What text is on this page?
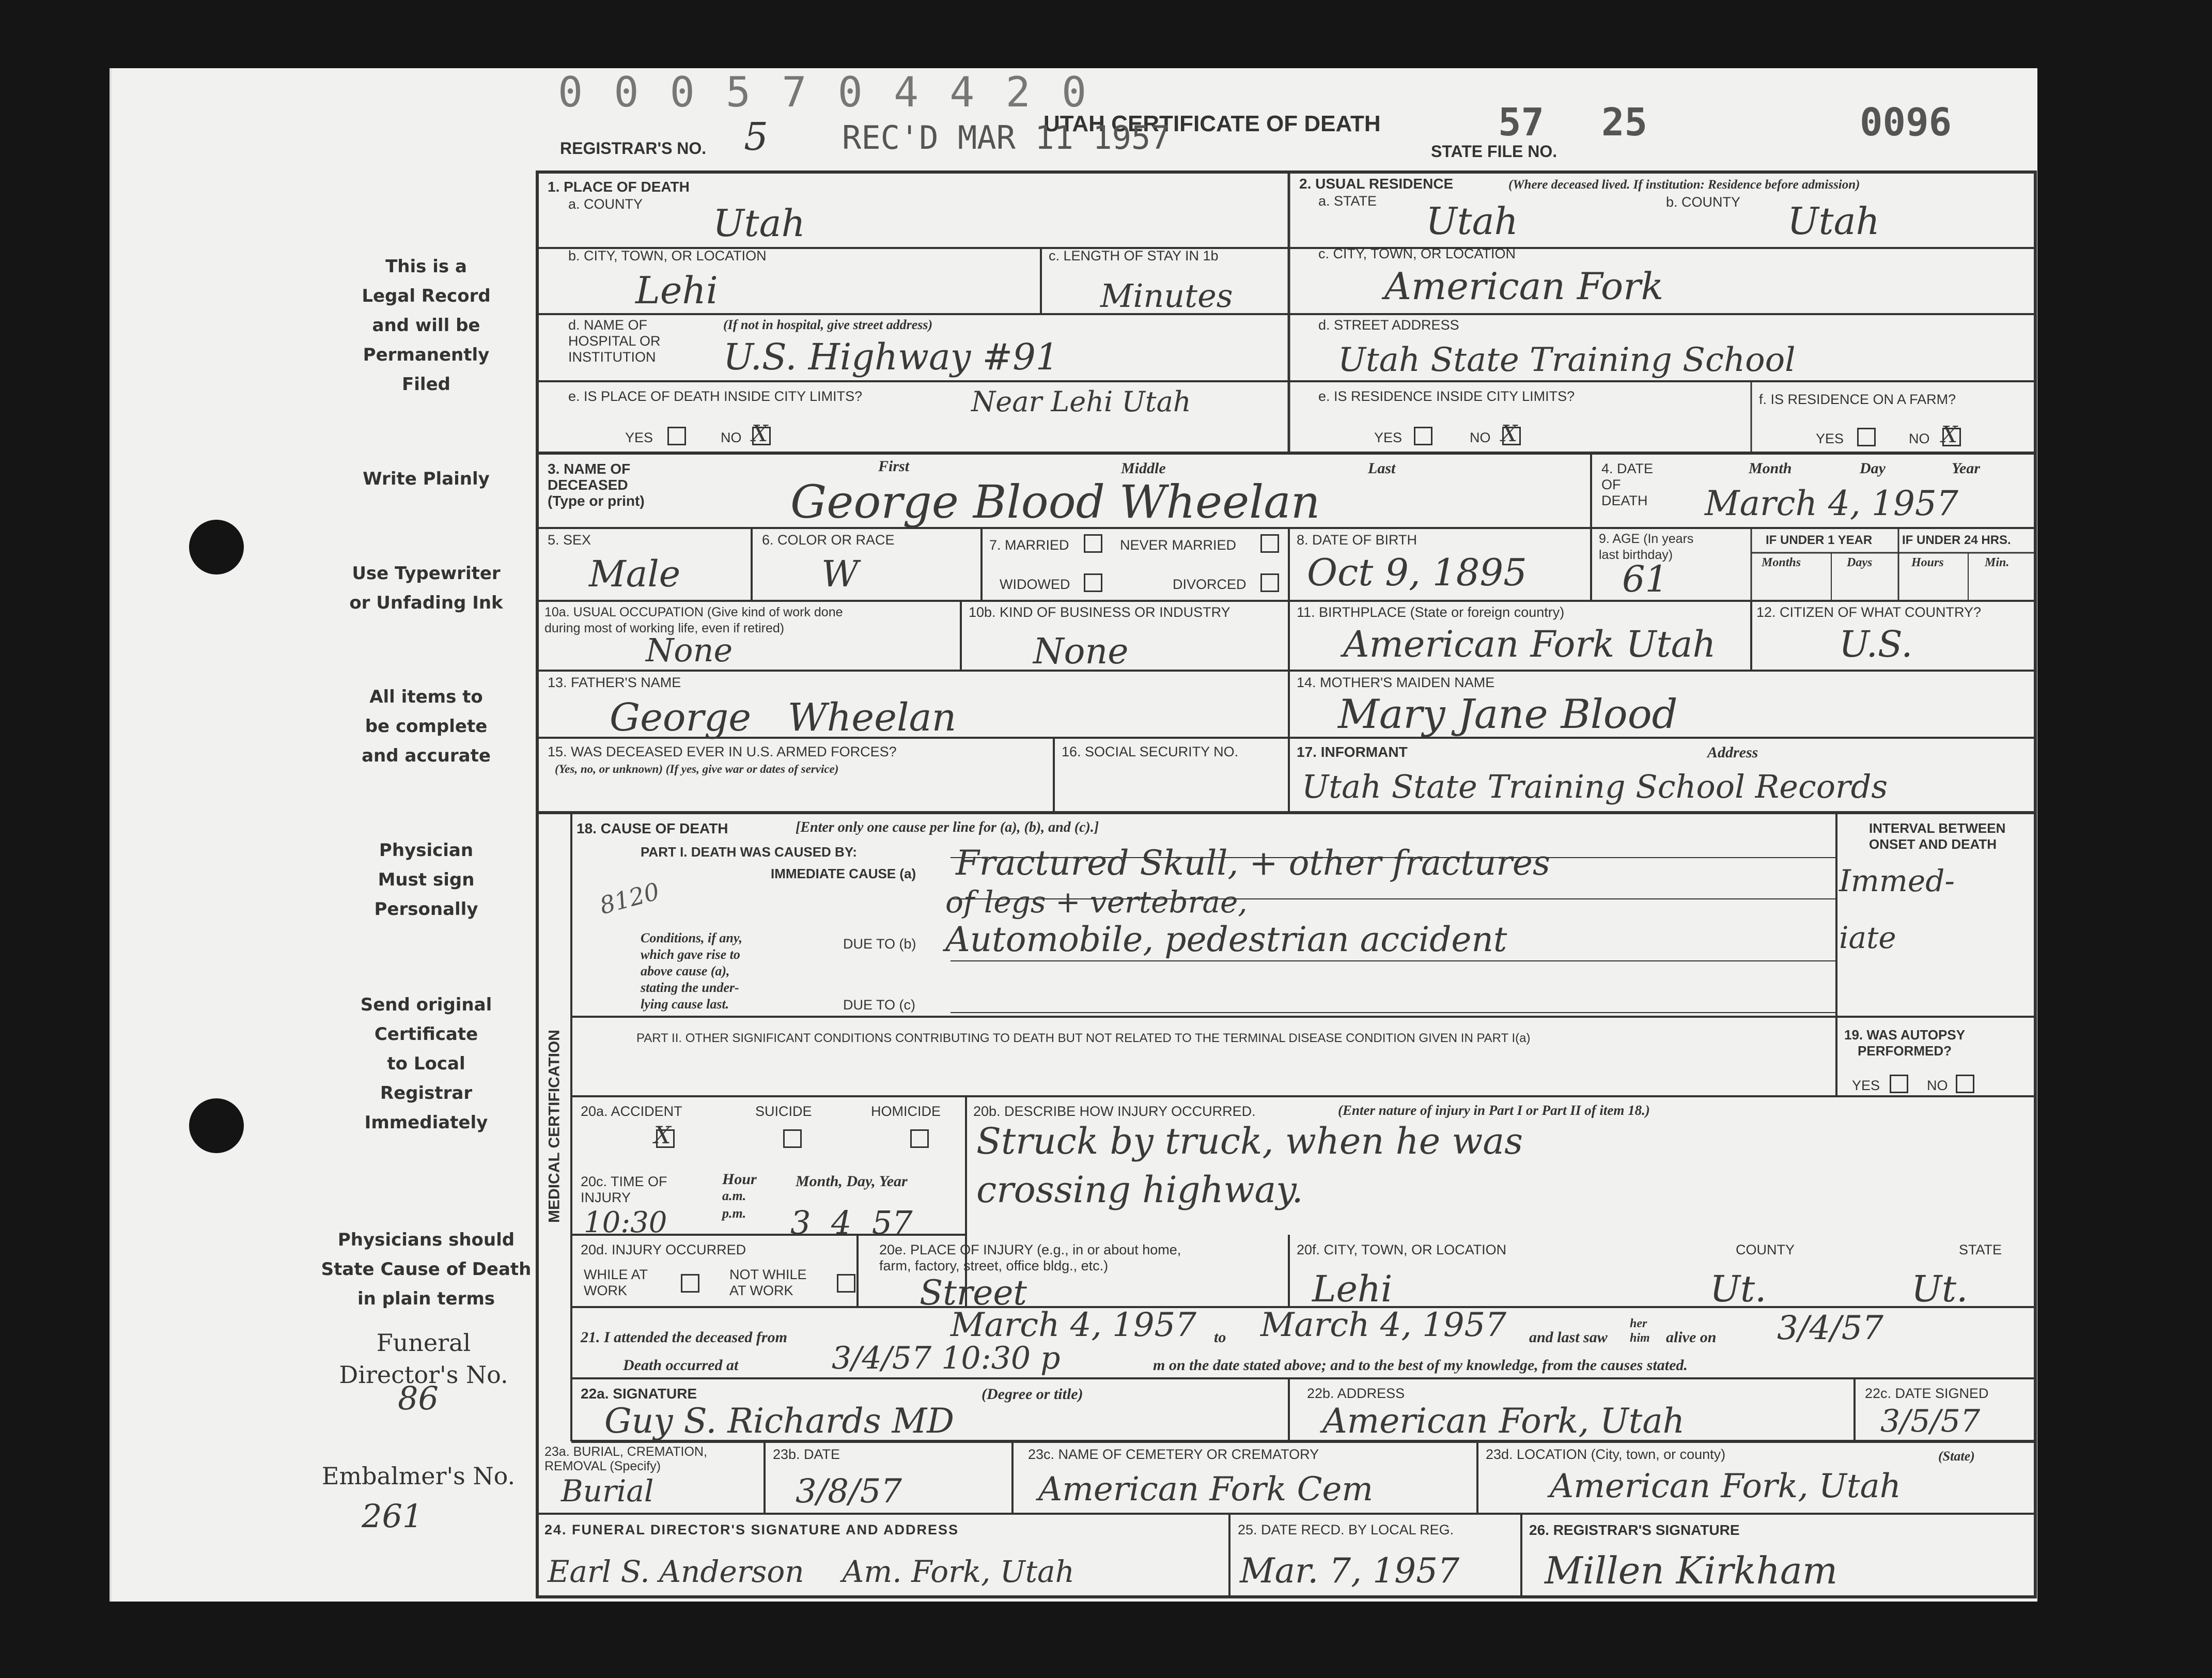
This is a
Legal Record
and will be
Permanently
Filed
Write Plainly
Use Typewriter
or Unfading Ink
All items to
be complete
and accurate
Physician
Must sign
Personally
Send original
Certificate
to Local
Registrar
Immediately
Physicians should
State Cause of Death
in plain terms
Funeral
Director's No.
86
Embalmer's No.
261
0 0 0 5 7 0 4 4 2 0
UTAH CERTIFICATE OF DEATH
REGISTRAR'S NO. 5 REC'D MAR 11 1957	STATE FILE NO.
57 25	0096
1. PLACE OF DEATH
a. COUNTY Utah
2. USUAL RESIDENCE	(Where deceased lived. If institution: Residence before admission)
a. STATE Utah	b. COUNTY Utah
b. CITY, TOWN, OR LOCATION
Lehi
c. LENGTH OF STAY IN 1b
Minutes
c. CITY, TOWN, OR LOCATION
American Fork
d. NAME OF
HOSPITAL OR
INSTITUTION
(If not in hospital, give street address)
U.S. Highway #91
d. STREET ADDRESS
Utah State Training School
e. IS PLACE OF DEATH INSIDE CITY LIMITS?	Near Lehi Utah
YES	NO X
e. IS RESIDENCE INSIDE CITY LIMITS?
YES	NO X
f. IS RESIDENCE ON A FARM?
YES	NO X
3. NAME OF
DECEASED
(Type or print)
First	Middle	Last
George Blood Wheelan
4. DATE
OF
DEATH
Month	Day	Year
March 4, 1957
5. SEX
Male
6. COLOR OR RACE
W
7. MARRIED	NEVER MARRIED
WIDOWED	DIVORCED
8. DATE OF BIRTH
Oct 9, 1895
9. AGE (In years
last birthday)
61
IF UNDER 1 YEAR IF UNDER 24 HRS.
Months	Days	Hours	Min.
10a. USUAL OCCUPATION (Give kind of work done
during most of working life, even if retired)
None
10b. KIND OF BUSINESS OR INDUSTRY
None
11. BIRTHPLACE (State or foreign country)
American Fork Utah
12. CITIZEN OF WHAT COUNTRY?
U.S.
13. FATHER'S NAME
George   Wheelan
14. MOTHER'S MAIDEN NAME
Mary Jane Blood
15. WAS DECEASED EVER IN U.S. ARMED FORCES?
(Yes, no, or unknown) (If yes, give war or dates of service)
16. SOCIAL SECURITY NO.	17. INFORMANT	Address
Utah State Training School Records
MEDICAL CERTIFICATION
18. CAUSE OF DEATH	[Enter only one cause per line for (a), (b), and (c).]
PART I. DEATH WAS CAUSED BY:
IMMEDIATE CAUSE (a) Fractured Skull, + other fractures
of legs + vertebrae,
8120
Conditions, if any,
which gave rise to
above cause (a),
stating the under-
lying cause last.
DUE TO (b) Automobile, pedestrian accident
DUE TO (c)
INTERVAL BETWEEN
ONSET AND DEATH
Immed-
iate
PART II. OTHER SIGNIFICANT CONDITIONS CONTRIBUTING TO DEATH BUT NOT RELATED TO THE TERMINAL DISEASE CONDITION GIVEN IN PART I(a)	19. WAS AUTOPSY
PERFORMED?
YES	NO
20a. ACCIDENT
X
SUICIDE	HOMICIDE 20b. DESCRIBE HOW INJURY OCCURRED.	(Enter nature of injury in Part I or Part II of item 18.)
Struck by truck, when he was
crossing highway.
20c. TIME OF
INJURY
Hour
a.m.
p.m.
Month, Day, Year
10:30	3  4  57
20d. INJURY OCCURRED
WHILE AT
WORK
NOT WHILE
AT WORK
20e. PLACE OF INJURY (e.g., in or about home,
farm, factory, street, office bldg., etc.)
Street
20f. CITY, TOWN, OR LOCATION	COUNTY	STATE
Lehi	Ut.	Ut.
21. I attended the deceased from	March 4, 1957 to March 4, 1957 and last saw
her
him alive on 3/4/57
Death occurred at	3/4/57 10:30 p	m on the date stated above; and to the best of my knowledge, from the causes stated.
22a. SIGNATURE	(Degree or title)
Guy S. Richards MD
22b. ADDRESS
American Fork, Utah
22c. DATE SIGNED
3/5/57
23a. BURIAL, CREMATION,
REMOVAL (Specify)
Burial
23b. DATE
3/8/57
23c. NAME OF CEMETERY OR CREMATORY
American Fork Cem
23d. LOCATION (City, town, or county)	(State)
American Fork, Utah
24. FUNERAL DIRECTOR'S SIGNATURE AND ADDRESS
Earl S. Anderson    Am. Fork, Utah
25. DATE RECD. BY LOCAL REG.
Mar. 7, 1957
26. REGISTRAR'S SIGNATURE
Millen Kirkham
